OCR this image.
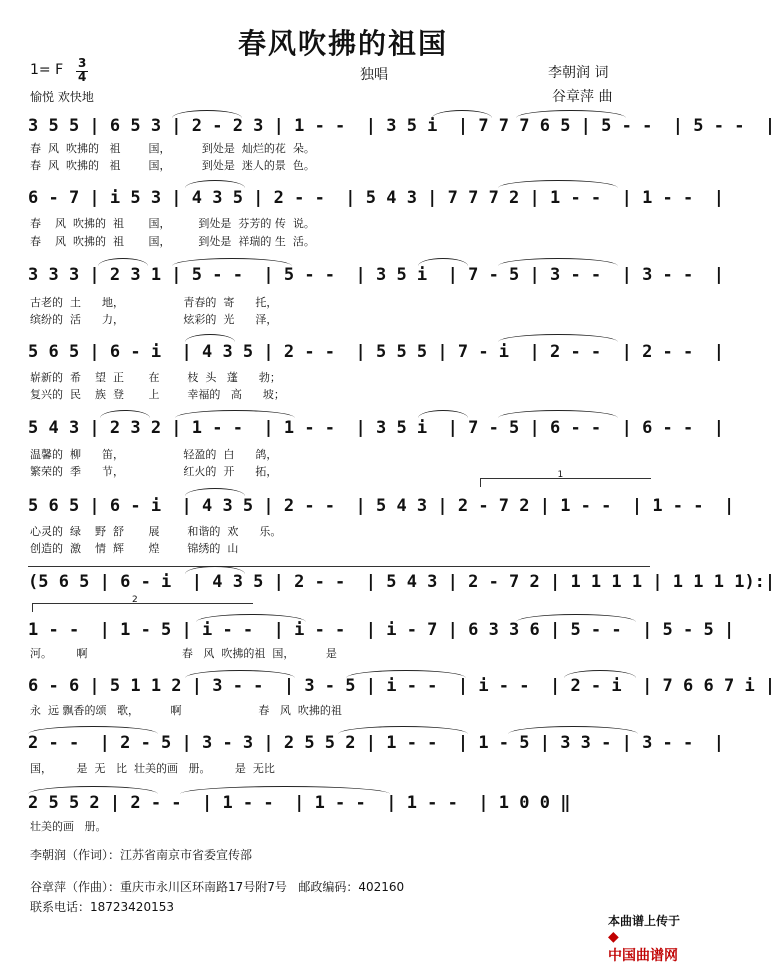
春风吹拂的祖国
1= F 3
4	独唱	李朝润 词
谷章萍 曲
愉悦 欢快地
3 5 5 | 6 5 3 | 2 - 2 3 | 1 - -  | 3 5 i  | 7 7 7 6 5 | 5 - -  | 5 - -  |
春  风  吹拂的   祖        国，         到处是  灿烂的花  朵。
春  风  吹拂的   祖        国，         到处是  迷人的景  色。
6 - 7 | i 5 3 | 4 3 5 | 2 - -  | 5 4 3 | 7 7 7 2 | 1 - -  | 1 - -  |
春    风  吹拂的  祖       国，        到处是  芬芳的 传  说。
春    风  吹拂的  祖       国，        到处是  祥瑞的 生  活。
3 3 3 | 2 3 1 | 5 - -  | 5 - -  | 3 5 i  | 7 - 5 | 3 - -  | 3 - -  |
古老的  土      地，                 青春的  寄      托，
缤纷的  活      力，                 炫彩的  光      泽，
5 6 5 | 6 - i  | 4 3 5 | 2 - -  | 5 5 5 | 7 - i  | 2 - -  | 2 - -  |
崭新的  希    望  正       在        枝  头   蓬      勃；
复兴的  民    族  登       上        幸福的   高      坡；
5 4 3 | 2 3 2 | 1 - -  | 1 - -  | 3 5 i  | 7 - 5 | 6 - -  | 6 - -  |
温馨的  柳      笛，                 轻盈的  白      鸽，
繁荣的  季      节，                 红火的  开      拓，	1
5 6 5 | 6 - i  | 4 3 5 | 2 - -  | 5 4 3 | 2 - 7 2 | 1 - -  | 1 - -  |
心灵的  绿    野  舒       展        和谐的  欢      乐。
创造的  激    情  辉       煌        锦绣的  山
(5 6 5 | 6 - i  | 4 3 5 | 2 - -  | 5 4 3 | 2 - 7 2 | 1 1 1 1 | 1 1 1 1):|
2
1 - -  | 1 - 5 | i - -  | i - -  | i - 7 | 6 3 3 6 | 5 - -  | 5 - 5 |
河。       啊                           春   风  吹拂的祖  国，         是
6 - 6 | 5 1 1 2 | 3 - -  | 3 - 5 | i - -  | i - -  | 2 - i  | 7 6 6 7 i |
永  远 飘香的颂   歌，         啊                      春   风  吹拂的祖
2 - -  | 2 - 5 | 3 - 3 | 2 5 5 2 | 1 - -  | 1 - 5 | 3 3 - | 3 - -  |
国，       是  无   比  壮美的画   册。       是  无比
2 5 5 2 | 2 - -  | 1 - -  | 1 - -  | 1 - -  | 1 0 0 ‖
壮美的画   册。
李朝润（作词）：江苏省南京市省委宣传部
谷章萍（作曲）：重庆市永川区环南路17号附7号   邮政编码：402160
联系电话：18723420153

本曲谱上传于
◆
中国曲谱网
